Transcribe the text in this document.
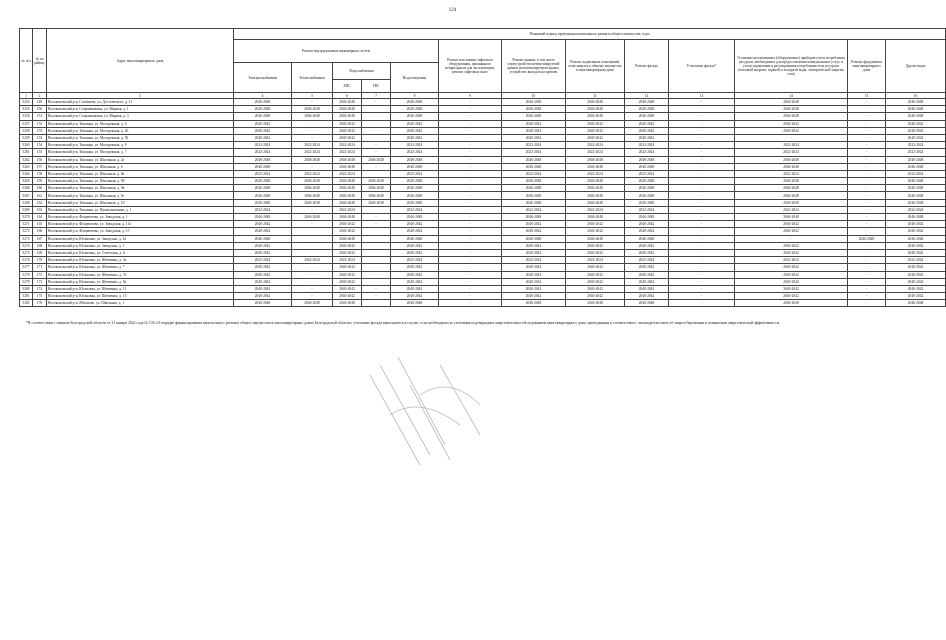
124
№ п/п	№ по району	Адрес многоквартирного дома	Плановый период проведения капитального ремонта общего имущества, годы												
			Ремонт внутридомовых инженерных систем					Ремонт или замена лифтового оборудования, признанного непригодным для эксплуатации, ремонт лифтовых шахт	Ремонт крыши, в том числе переустройство невентилируемой крыши на вентилируемую крышу, устройство выходов на кровлю	Ремонт подвальных помещений, относящихся к общему имуществу в многоквартирном доме	Ремонт фасада	Утепление фасада*	Установка коллективных (общедомовых) приборов учета потребления ресурсов, необходимых для предоставления коммунальных услуг, и узлов управления и регулирования потребления этих ресурсов (тепловой энергии, горячей и холодной воды, электрической энергии, газа)	Ремонт фундамента многоквартирного дома	Другие виды
			Электроснабжения	Теплоснабжения	Водоснабжения		Водоотведения								
					ХВС	ГВС									
1	2	3	4	5	6	7	8	9	10	11	12	13	14	15	16
5254	149	Волоконовский р-н, Соловьево, ул. Достоевского, д. 11	2046-2048	-	2046-2048	-	2046-2048	-	2046-2048	2046-2048	2046-2048	-	2046-2048	-	2046-2048
5255	150	Волоконовский р-н, Староивановка, ул. Мирная, д. 1	2046-2048	2046-2048	2046-2048	-	2046-2048	-	2046-2048	2046-2048	2046-2048	-	2046-2048	-	2046-2048
5256	151	Волоконовский р-н, Староивановка, ул. Мирная, д. 3	2046-2048	2046-2048	2046-2048	-	2046-2048	-	2046-2048	2046-2048	2046-2048	-	2046-2048	-	2046-2048
5257	152	Волоконовский р-н, Тишанка, ул. Молодежная, д. 4	2040-2042	-	2040-2042	-	2040-2042	-	2040-2042	2040-2042	2040-2042	-	2040-2042	-	2040-2042
5258	153	Волоконовский р-н, Тишанка, ул. Молодежная, д. 26	2040-2042	-	2040-2042	-	2040-2042	-	2040-2042	2040-2042	2040-2042	-	2040-2042	-	2040-2042
5259	153	Волоконовский р-н, Тишанка, ул. Молодежная, д. 56	2040-2042	-	2040-2042	-	2040-2042	-	2040-2042	2040-2042	2040-2042	-	-	-	2040-2042
5260	154	Волоконовский р-н, Тишанка, ул. Молодежная, д. 6	2022-2024	2022-2024	2022-2024	-	2022-2024	-	2022-2024	2022-2024	2022-2024	-	2022-2024	-	2022-2024
5261	155	Волоконовский р-н, Тишанка, ул. Молодежная, д. 7	2022-2024	2022-2024	2022-2024	-	2022-2024	-	2022-2024	2022-2024	2022-2024	-	2022-2024	-	2022-2024
5262	156	Волоконовский р-н, Тишанка, ул. Школьная, д. 2а	2046-2048	2046-2048	2046-2048	2046-2048	2046-2048	-	2046-2048	2046-2048	2046-2048	-	2046-2048	-	2046-2048
5263	157	Волоконовский р-н, Тишанка, ул. Школьная, д. 6	2046-2048	-	2046-2048	-	2046-2048	-	2046-2048	2046-2048	2046-2048	-	2046-2048	-	2046-2048
5264	158	Волоконовский р-н, Тишанка, ул. Школьная, д. 8а	2022-2024	2022-2024	2022-2024	-	2022-2024	-	2022-2024	2022-2024	2022-2024	-	2022-2024	-	2022-2024
5265	159	Волоконовский р-н, Тишанка, ул. Школьная, д. 9б	2046-2048	2046-2048	2046-2048	2046-2048	2046-2048	-	2046-2048	2046-2048	2046-2048	-	2046-2048	-	2046-2048
5266	160	Волоконовский р-н, Тишанка, ул. Школьная, д. 9в	2046-2048	2046-2048	2046-2048	2046-2048	2046-2048	-	2046-2048	2046-2048	2046-2048	-	2046-2048	-	2046-2048
5267	161	Волоконовский р-н, Тишанка, ул. Школьная, д. 9г	2046-2048	2046-2048	2046-2048	2046-2048	2046-2048	-	2046-2048	2046-2048	2046-2048	-	2046-2048	-	2046-2048
5268	162	Волоконовский р-н, Тишанка, ул. Школьная, д. 10	2046-2048	2046-2048	2046-2048	2046-2048	2046-2048	-	2046-2048	2046-2048	2046-2048	-	2046-2048	-	2046-2048
5269	163	Волоконовский р-н, Тишанка, ул. Промышленная, д. 1	2022-2024	-	2022-2024	-	2022-2024	-	2022-2024	2022-2024	2022-2024	-	2022-2024	-	2022-2024
5270	164	Волоконовский р-н, Фощеватово, ул. Заводская, д. 1	2046-2048	2046-2048	2046-2048	-	2046-2048	-	2046-2048	2046-2048	2046-2048	-	2046-2048	-	2046-2048
5271	165	Волоконовский р-н, Фощеватово, ул. Заводская, д. 11а	2040-2042	-	2040-2042	-	2040-2042	-	2040-2042	2040-2042	2040-2042	-	2040-2042	-	2040-2042
5272	166	Волоконовский р-н, Фощеватово, ул. Заводская, д. 15	2040-2042	-	2040-2042	-	2040-2042	-	2040-2042	2040-2042	2040-2042	-	2040-2042	-	2040-2042
5273	167	Волоконовский р-н, Ютановка, ул. Заводская, д. 24	2046-2048	-	2046-2048	-	2046-2048	-	2046-2048	2046-2048	2046-2048	-	-	2046-2048	2046-2048
5274	168	Волоконовский р-н, Ютановка, ул. Заводская, д. 1	2040-2042	-	2040-2042	-	2040-2042	-	2040-2042	2040-2042	2040-2042	-	2040-2042	-	2040-2042
5275	169	Волоконовский р-н, Ютановка, ул. Советская, д. 6	2040-2042	-	2040-2042	-	2040-2042	-	2040-2042	2040-2042	2040-2042	-	2040-2042	-	2040-2042
5276	170	Волоконовский р-н, Ютановка, ул. Шевченко, д. 5а	2022-2024	2022-2024	2022-2024	-	2022-2024	-	2022-2024	2022-2024	2022-2024	-	2022-2024	-	2022-2024
5277	171	Волоконовский р-н, Ютановка, ул. Шевченко, д. 7	2040-2042	-	2040-2042	-	2040-2042	-	2040-2042	2040-2042	2040-2042	-	2040-2042	-	2040-2042
5278	172	Волоконовский р-н, Ютановка, ул. Шевченко, д. 7а	2040-2042	-	2040-2042	-	2040-2042	-	2040-2042	2040-2042	2040-2042	-	2040-2042	-	2040-2042
5279	173	Волоконовский р-н, Ютановка, ул. Шевченко, д. 9а	2040-2042	-	2040-2042	-	2040-2042	-	2040-2042	2040-2042	2040-2042	-	2040-2042	-	2040-2042
5280	174	Волоконовский р-н, Ютановка, ул. Шевченко, д. 11	2040-2042	-	2040-2042	-	2040-2042	-	2040-2042	2040-2042	2040-2042	-	2040-2042	-	2040-2042
5281	175	Волоконовский р-н, Ютановка, ул. Шевченко, д. 13	2040-2042	-	2040-2042	-	2040-2042	-	2040-2042	2040-2042	2040-2042	-	2040-2042	-	2040-2042
5282	176	Волоконовский р-н, Яблоново, ул. Школьная, д. 1	2046-2048	2046-2048	2046-2048	-	2046-2048	-	2046-2048	2046-2048	2046-2048	-	2046-2048	-	2046-2048
*В соответствии с законом Белгородской области от 31 января 2022 года № 139 «О порядке финансирования капитального ремонта общего имущества в многоквартирных домах Белгородской области» утепление фасада выполняется в случае, если необходимость утепления подтверждена энергетическим обследованием многоквартирного дома, проведенным в соответствии с законодательством об энергосбережении и повышении энергетической эффективности.
